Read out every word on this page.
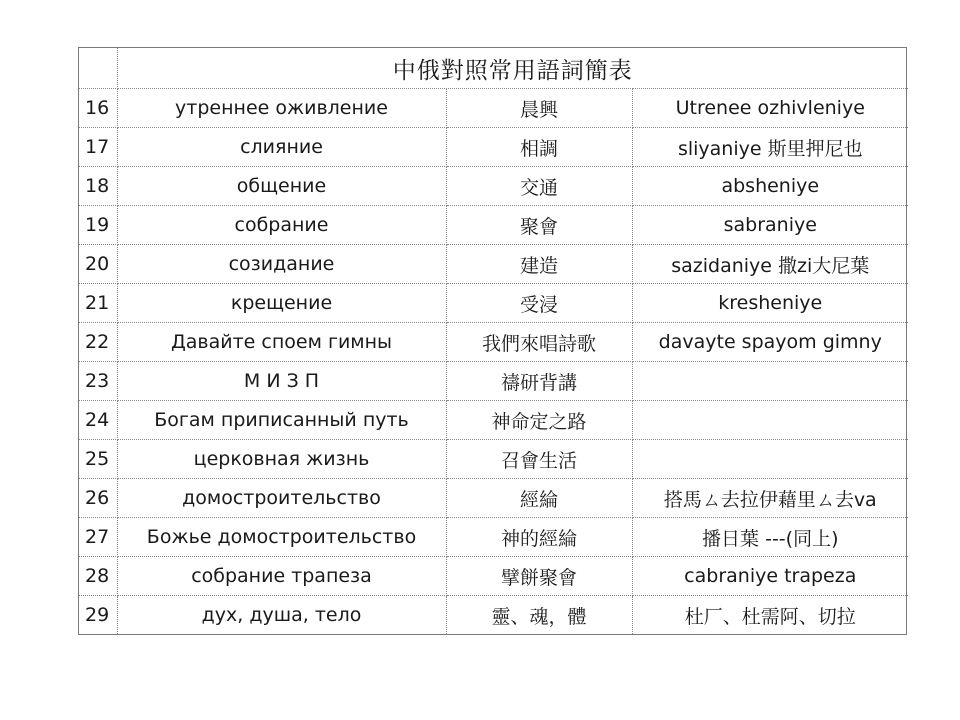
	中俄對照常用語詞簡表		
16	утреннее оживление	晨興	Utrenee ozhivleniye
17	слияние	相調	sliyaniye 斯里押尼也
18	общение	交通	absheniye
19	собрание	聚會	sabraniye
20	созидание	建造	sazidaniye 撒zi大尼葉
21	крещение	受浸	kresheniye
22	Давайте споем гимны	我們來唱詩歌	davayte spayom gimny
23	М И З П	禱研背講	
24	Богам приписанный путь	神命定之路	
25	церковная жизнь	召會生活	
26	домостроительство	經綸	搭馬ㄙ去拉伊藉里ㄙ去va
27	Божье домостроительство	神的經綸	播日葉 ---(同上)
28	собрание трапеза	擘餅聚會	cabraniye trapeza
29	дух, душа, тело	靈、魂，體	杜厂、杜需阿、切拉
